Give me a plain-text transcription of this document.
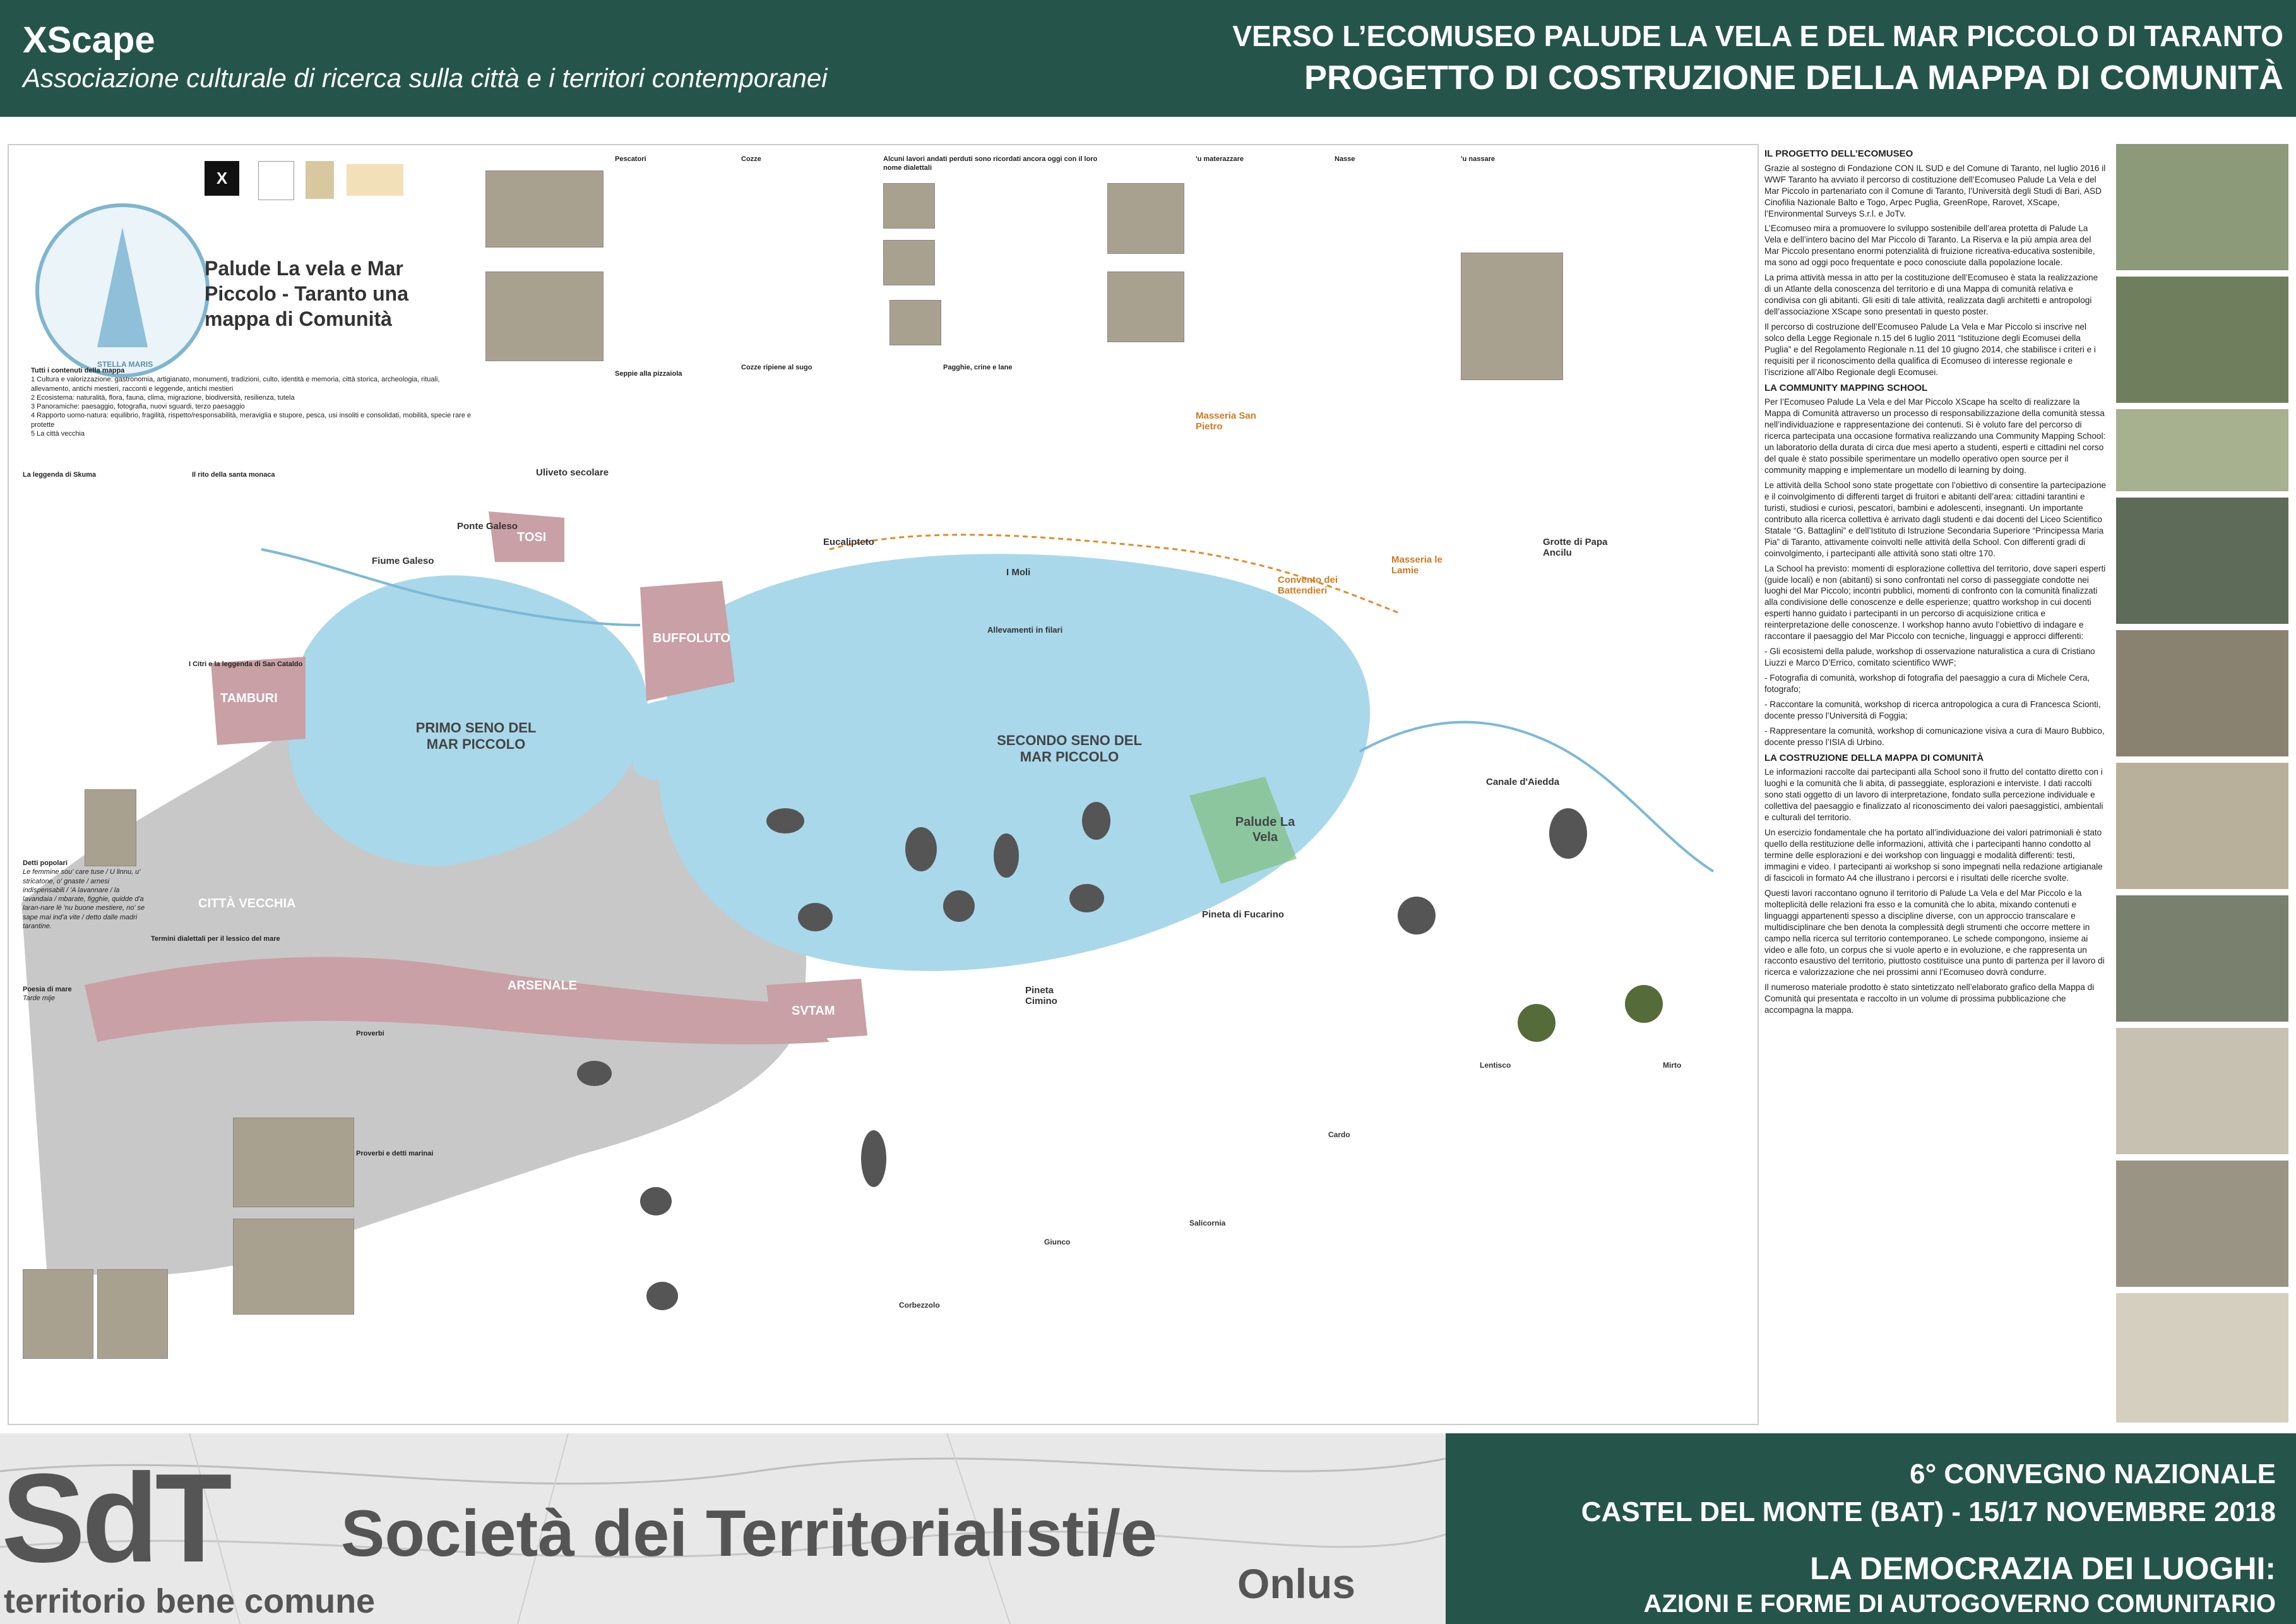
XScape
Associazione culturale di ricerca sulla città e i territori contemporanei
VERSO L’ECOMUSEO PALUDE LA VELA E DEL MAR PICCOLO DI TARANTO
PROGETTO DI COSTRUZIONE DELLA MAPPA DI COMUNITÀ
STELLA MARIS
X
Palude La vela e Mar Piccolo - Taranto una mappa di Comunità
Tutti i contenuti della mappa
1 Cultura e valorizzazione: gastronomia, artigianato, monumenti, tradizioni, culto, identità e memoria, città storica, archeologia, rituali, allevamento, antichi mestieri, racconti e leggende, antichi mestieri
2 Ecosistema: naturalità, flora, fauna, clima, migrazione, biodiversità, resilienza, tutela
3 Panoramiche: paesaggio, fotografia, nuovi sguardi, terzo paesaggio
4 Rapporto uomo-natura: equilibrio, fragilità, rispetto/responsabilità, meraviglia e stupore, pesca, usi insoliti e consolidati, mobilità, specie rare e protette
5 La città vecchia
La leggenda di Skuma	Il rito della santa monaca
I Citri e la leggenda di San Cataldo
Detti popolari
Le femmine sou' care tuse / U linnu, u' stricatone, o' gnaste / arnesi indispensabili / 'A lavannare / la lavandaia / mbarate, figghie, quidde d'a laran-nare lè 'nu buone mestiere, no' se sape mai ind'a vite / detto dalle madri tarantine.
Poesia di mare
Tarde mije
Termini dialettali per il lessico del mare
Proverbi
Proverbi e detti marinai
Pescatori	Cozze
Seppie alla pizzaiola
Cozze ripiene al sugo
Alcuni lavori andati perduti sono ricordati ancora oggi con il loro nome dialettali
Pagghie, crine e lane
'u materazzare	Nasse	'u nassare
PRIMO SENO DEL MAR PICCOLO	SECONDO SENO DEL MAR PICCOLO
Palude La Vela
TAMBURI
TOSI
BUFFOLUTO
CITTÀ VECCHIA
ARSENALE
SVTAM
Ponte Galeso
Fiume Galeso
Uliveto secolare
Eucalipteto
I Moli
Masseria San Pietro
Convento dei Battendieri
Masseria le Lamie
Grotte di Papa Ancilu
Canale d'Aiedda
Pineta di Fucarino
Pineta Cimino
Allevamenti in filari
Lentisco	Mirto
Cardo
Salicornia
Giunco
Corbezzolo
IL PROGETTO DELL’ECOMUSEO

Grazie al sostegno di Fondazione CON IL SUD e del Comune di Taranto, nel luglio 2016 il WWF Taranto ha avviato il percorso di costituzione dell’Ecomuseo Palude La Vela e del Mar Piccolo in partenariato con il Comune di Taranto, l’Università degli Studi di Bari, ASD Cinofilia Nazionale Balto e Togo, Arpec Puglia, GreenRope, Rarovet, XScape, l’Environmental Surveys S.r.l. e JoTv.

L’Ecomuseo mira a promuovere lo sviluppo sostenibile dell’area protetta di Palude La Vela e dell’intero bacino del Mar Piccolo di Taranto. La Riserva e la più ampia area del Mar Piccolo presentano enormi potenzialità di fruizione ricreativa-educativa sostenibile, ma sono ad oggi poco frequentate e poco conosciute dalla popolazione locale.

La prima attività messa in atto per la costituzione dell’Ecomuseo è stata la realizzazione di un Atlante della conoscenza del territorio e di una Mappa di comunità relativa e condivisa con gli abitanti. Gli esiti di tale attività, realizzata dagli architetti e antropologi dell’associazione XScape sono presentati in questo poster.

Il percorso di costruzione dell’Ecomuseo Palude La Vela e Mar Piccolo si inscrive nel solco della Legge Regionale n.15 del 6 luglio 2011 “Istituzione degli Ecomusei della Puglia” e del Regolamento Regionale n.11 del 10 giugno 2014, che stabilisce i criteri e i requisiti per il riconoscimento della qualifica di Ecomuseo di interesse regionale e l’iscrizione all’Albo Regionale degli Ecomusei.

LA COMMUNITY MAPPING SCHOOL

Per l’Ecomuseo Palude La Vela e del Mar Piccolo XScape ha scelto di realizzare la Mappa di Comunità attraverso un processo di responsabilizzazione della comunità stessa nell’individuazione e rappresentazione dei contenuti. Si è voluto fare del percorso di ricerca partecipata una occasione formativa realizzando una Community Mapping School: un laboratorio della durata di circa due mesi aperto a studenti, esperti e cittadini nel corso del quale è stato possibile sperimentare un modello operativo open source per il community mapping e implementare un modello di learning by doing.

Le attività della School sono state progettate con l’obiettivo di consentire la partecipazione e il coinvolgimento di differenti target di fruitori e abitanti dell’area: cittadini tarantini e turisti, studiosi e curiosi, pescatori, bambini e adolescenti, insegnanti. Un importante contributo alla ricerca collettiva è arrivato dagli studenti e dai docenti del Liceo Scientifico Statale “G. Battaglini” e dell’Istituto di Istruzione Secondaria Superiore “Principessa Maria Pia” di Taranto, attivamente coinvolti nelle attività della School. Con differenti gradi di coinvolgimento, i partecipanti alle attività sono stati oltre 170.

La School ha previsto: momenti di esplorazione collettiva del territorio, dove saperi esperti (guide locali) e non (abitanti) si sono confrontati nel corso di passeggiate condotte nei luoghi del Mar Piccolo; incontri pubblici, momenti di confronto con la comunità finalizzati alla condivisione delle conoscenze e delle esperienze; quattro workshop in cui docenti esperti hanno guidato i partecipanti in un percorso di acquisizione critica e reinterpretazione delle conoscenze. I workshop hanno avuto l’obiettivo di indagare e raccontare il paesaggio del Mar Piccolo con tecniche, linguaggi e approcci differenti:

- Gli ecosistemi della palude, workshop di osservazione naturalistica a cura di Cristiano Liuzzi e Marco D’Errico, comitato scientifico WWF;

- Fotografia di comunità, workshop di fotografia del paesaggio a cura di Michele Cera, fotografo;

- Raccontare la comunità, workshop di ricerca antropologica a cura di Francesca Scionti, docente presso l’Università di Foggia;

- Rappresentare la comunità, workshop di comunicazione visiva a cura di Mauro Bubbico, docente presso l’ISIA di Urbino.

LA COSTRUZIONE DELLA MAPPA DI COMUNITÀ

Le informazioni raccolte dai partecipanti alla School sono il frutto del contatto diretto con i luoghi e la comunità che li abita, di passeggiate, esplorazioni e interviste. I dati raccolti sono stati oggetto di un lavoro di interpretazione, fondato sulla percezione individuale e collettiva del paesaggio e finalizzato al riconoscimento dei valori paesaggistici, ambientali e culturali del territorio.

Un esercizio fondamentale che ha portato all’individuazione dei valori patrimoniali è stato quello della restituzione delle informazioni, attività che i partecipanti hanno condotto al termine delle esplorazioni e dei workshop con linguaggi e modalità differenti: testi, immagini e video. I partecipanti ai workshop si sono impegnati nella redazione artigianale di fascicoli in formato A4 che illustrano i percorsi e i risultati delle ricerche svolte.

Questi lavori raccontano ognuno il territorio di Palude La Vela e del Mar Piccolo e la molteplicità delle relazioni fra esso e la comunità che lo abita, mixando contenuti e linguaggi appartenenti spesso a discipline diverse, con un approccio transcalare e multidisciplinare che ben denota la complessità degli strumenti che occorre mettere in campo nella ricerca sul territorio contemporaneo. Le schede compongono, insieme ai video e alle foto, un corpus che si vuole aperto e in evoluzione, e che rappresenta un racconto esaustivo del territorio, piuttosto costituisce una punto di partenza per il lavoro di ricerca e valorizzazione che nei prossimi anni l’Ecomuseo dovrà condurre.

Il numeroso materiale prodotto è stato sintetizzato nell’elaborato grafico della Mappa di Comunità qui presentata e raccolto in un volume di prossima pubblicazione che accompagna la mappa.

SdT Società dei Territorialisti/e
Onlus
territorio bene comune
6° CONVEGNO NAZIONALE
CASTEL DEL MONTE (BAT) - 15/17 NOVEMBRE 2018
LA DEMOCRAZIA DEI LUOGHI:
AZIONI E FORME DI AUTOGOVERNO COMUNITARIO
